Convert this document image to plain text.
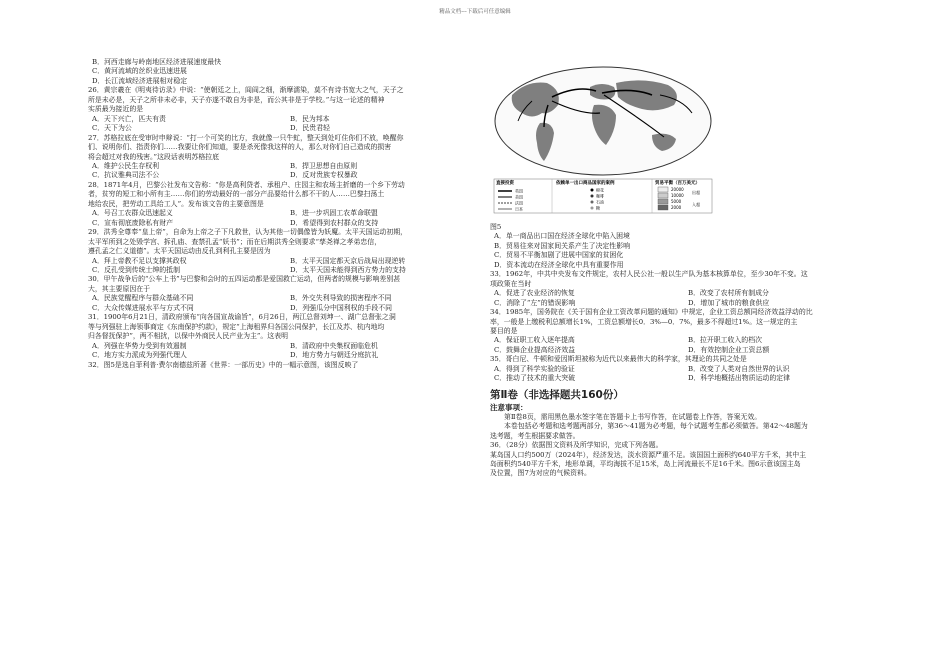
精品文档---下载后可任意编辑
B．河西走廊与岭南地区经济进展速度最快
C．黄河流域的丝织业迅速进展
D．长江流域经济进展相对稳定
26．黄宗羲在《明夷待访录》中说：“使朝廷之上，闾阎之细，渐摩濡染，莫不有诗书宽大之气，天子之
所是未必是，天子之所非未必非，天子亦遂不敢自为非是，而公其非是于学校。”与这一论述的精神
实质最为接近的是
A．天下兴亡，匹夫有责	B．民为邦本
C．天下为公	D．民贵君轻
27．苏格拉底在受审时申辩说：“打一个可笑的比方，我就像一只牛虻，整天到处叮住你们不放，唤醒你
们、说明你们、指责你们……我要让你们知道，要是杀死像我这样的人，那么对你们自己造成的损害
将会超过对我的残害。”这段话表明苏格拉底
A．维护公民生存权利	B．捍卫思想自由原则
C．抗议雅典司法不公	D．反对贵族专权暴政
28．1871年4月，巴黎公社发布文告称：“你是高利贷者、承租户、庄园主和农场主折磨的一个乡下劳动
者，贫穷的短工和小所有主……你们的劳动最好的一部分产品要给什么都不干的人……巴黎扫荡土
地给农民，把劳动工具给工人”。发布该文告的主要意图是
A．号召工农群众迅速起义	B．进一步巩固工农革命联盟
C．宣布彻底废除私有财产	D．希望得到农村群众的支持
29．洪秀全尊奉“皇上帝”，自命为上帝之子下凡救世，认为其他一切偶像皆为妖魔。太平天国运动初期，
太平军所到之处毁学宫、拆孔庙、查禁孔孟“妖书”；而在后期洪秀全则要求“孳尧禅之孝弟忠信，
遵孔孟之仁义道德”。太平天国运动由反孔到利孔主要是因为
A．拜上帝教不足以支撑其政权	B．太平天国定都天京后战局出现逆转
C．反孔受到传统士绅的抵制	D．太平天国未能得到西方势力的支持
30．甲午战争后的“公车上书”与巴黎和会时的五四运动都是爱国救亡运动，但两者的规模与影响差别甚
大，其主要原因在于
A．民族觉醒程序与群众基础不同	B．外交失利导致的损害程序不同
C．大众传媒进展水平与方式不同	D．列强瓜分中国利权的手段不同
31．1900年6月21日，清政府颁布“向各国宣战谕旨”，6月26日，两江总督刘坤一、湖广总督张之洞
等与列强驻上海领事商定《东南保护约款》，规定“上海租界归各国公同保护，长江及苏、杭内地均
归各督抚保护”，两不相扰，以保中外商民人民产业为主”。这表明
A．列强在华势力受到有效遏制	B．清政府中央集权面临危机
C．地方实力派成为列强代理人	D．地方势力与朝廷分庭抗礼
32．图5是选自菲利普·费尔南德兹所著《世界：一部历史》中的一幅示意图，该图反映了
直接投资	依赖单一出口商品国家的案例	贸易平衡（百万美元）
英国
美国
法国
日本
棉花
咖啡
石油
糖
20000
10000
5000
2000
出超
入超
图5
A．单一商品出口国在经济全球化中陷入困境
B．贸易往来对国家间关系产生了决定性影响
C．贸易不平衡加剧了进展中国家的贫困化
D．资本流动在经济全球化中具有重要作用
33．1962年，中共中央发布文件规定，农村人民公社一般以生产队为基本核算单位，至少30年不变。这
项政策在当时
A．促进了农业经济的恢复	B．改变了农村所有制成分
C．消除了“左”的错误影响	D．增加了城市的粮食供应
34．1985年，国务院在《关于国有企业工资改革问题的通知》中规定，企业工资总额同经济效益浮动的比
率，一般是上缴税利总额增长1%，工资总额增长0．3%—0．7%，最多不得超过1%。这一规定的主
要目的是
A．保证职工收入逐年提高	B．拉开职工收入的档次
C．鼓舞企业提高经济效益	D．有效控制企业工资总额
35．哥白尼、牛顿和爱因斯坦被称为近代以来最伟大的科学家，其理论的共同之处是
A．得到了科学实验的验证	B．改变了人类对自然世界的认识
C．推动了技术的重大突破	D．科学地概括出物质运动的定律
第Ⅱ卷（非选择题共160份）
注意事项：
第Ⅱ卷8页，需用黑色墨水签字笔在答题卡上书写作答，在试题卷上作答，答案无效。
本卷包括必考题和选考题两部分，第36～41题为必考题，每个试题考生都必须做答。第42～48题为
选考题，考生根据要求做答。
36．（28分）依据图文资料及所学知识，完成下列各题。
某岛国人口约500万（2024年），经济发达，淡水资源严重不足。该国国土面积约640平方千米，其中主
岛面积约540平方千米，地形单调，平均海拔不足15米，岛上河流最长不足16千米。图6示意该国主岛
及位置，图7为对应的气候资料。
